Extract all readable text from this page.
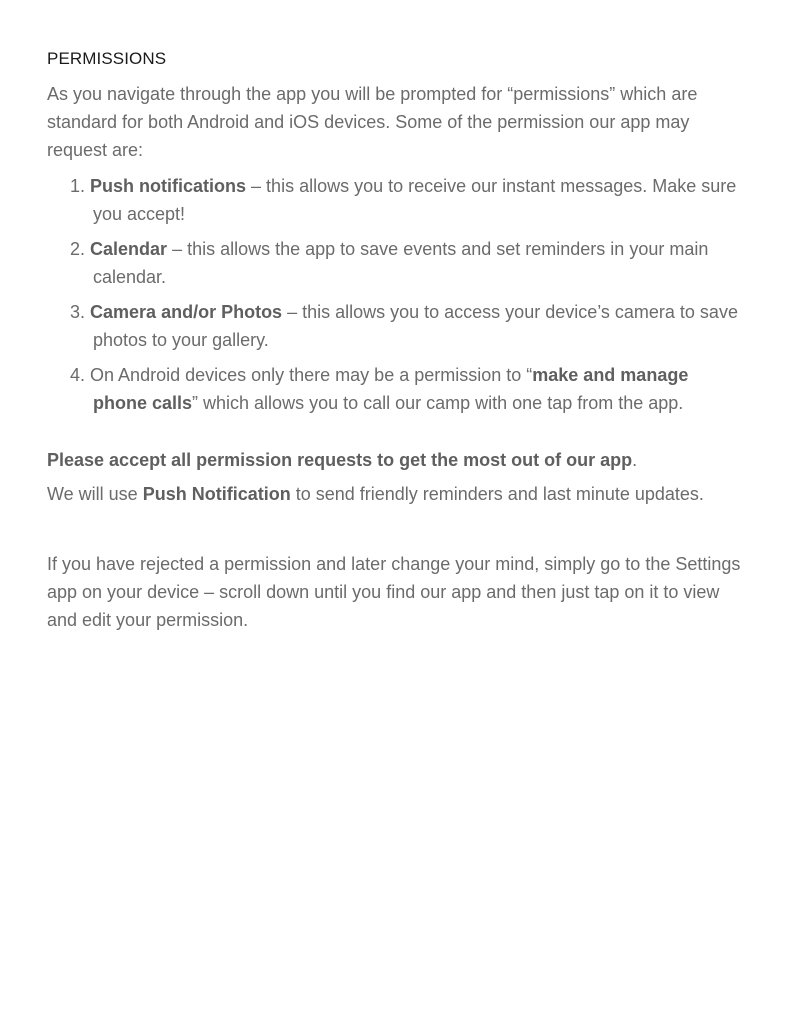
PERMISSIONS

As you navigate through the app you will be prompted for “permissions” which are standard for both Android and iOS devices. Some of the permission our app may request are:

1. Push notifications – this allows you to receive our instant messages. Make sure you accept!
2. Calendar – this allows the app to save events and set reminders in your main calendar.
3. Camera and/or Photos – this allows you to access your device’s camera to save photos to your gallery.
4. On Android devices only there may be a permission to “make and manage phone calls” which allows you to call our camp with one tap from the app.

Please accept all permission requests to get the most out of our app.

We will use Push Notification to send friendly reminders and last minute updates.

If you have rejected a permission and later change your mind, simply go to the Settings app on your device – scroll down until you find our app and then just tap on it to view and edit your permission.
